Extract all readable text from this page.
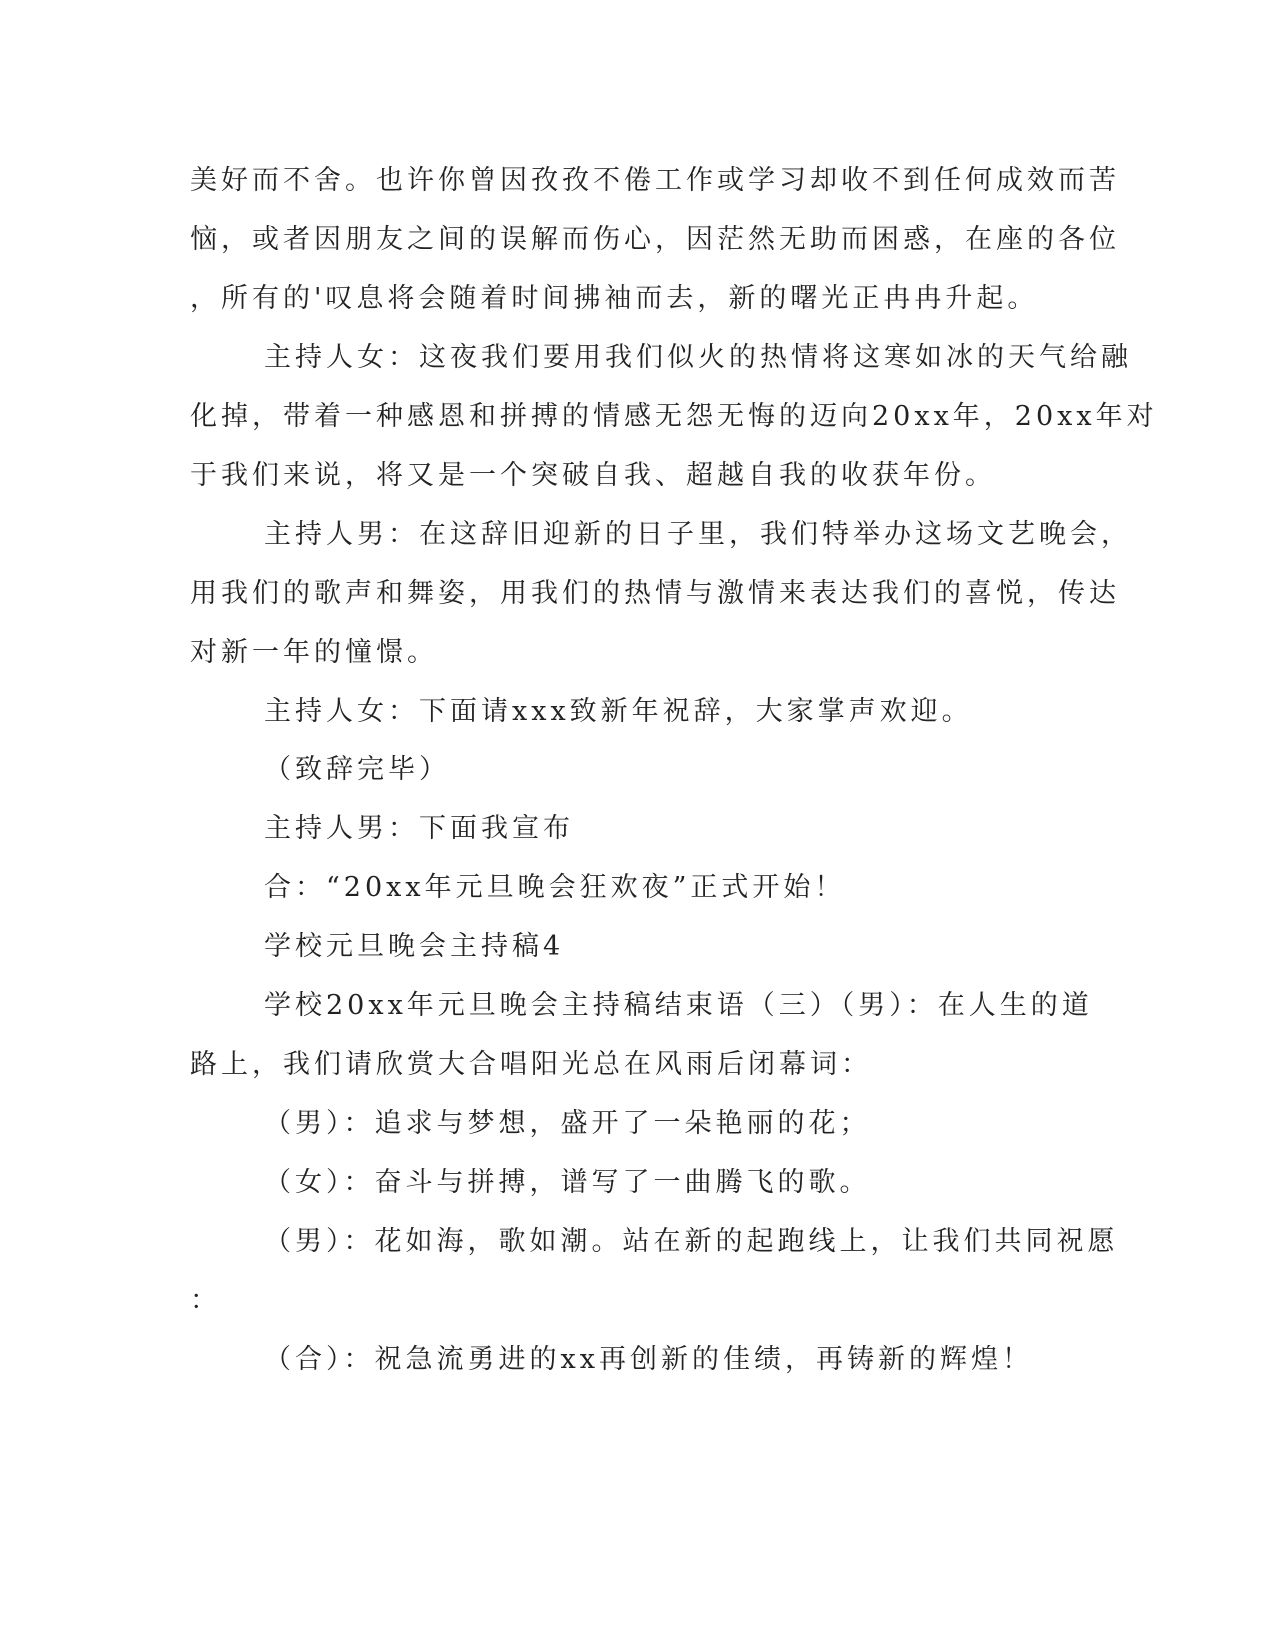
美好而不舍。也许你曾因孜孜不倦工作或学习却收不到任何成效而苦
恼，或者因朋友之间的误解而伤心，因茫然无助而困惑，在座的各位
，所有的'叹息将会随着时间拂袖而去，新的曙光正冉冉升起。
主持人女：这夜我们要用我们似火的热情将这寒如冰的天气给融
化掉，带着一种感恩和拼搏的情感无怨无悔的迈向20xx年，20xx年对
于我们来说，将又是一个突破自我、超越自我的收获年份。
主持人男：在这辞旧迎新的日子里，我们特举办这场文艺晚会，
用我们的歌声和舞姿，用我们的热情与激情来表达我们的喜悦，传达
对新一年的憧憬。
主持人女：下面请xxx致新年祝辞，大家掌声欢迎。
（致辞完毕）
主持人男：下面我宣布
合：“20xx年元旦晚会狂欢夜”正式开始！
学校元旦晚会主持稿4
学校20xx年元旦晚会主持稿结束语（三）（男）：在人生的道
路上，我们请欣赏大合唱阳光总在风雨后闭幕词：
（男）：追求与梦想，盛开了一朵艳丽的花；
（女）：奋斗与拼搏，谱写了一曲腾飞的歌。
（男）：花如海，歌如潮。站在新的起跑线上，让我们共同祝愿
：
（合）：祝急流勇进的xx再创新的佳绩，再铸新的辉煌！
